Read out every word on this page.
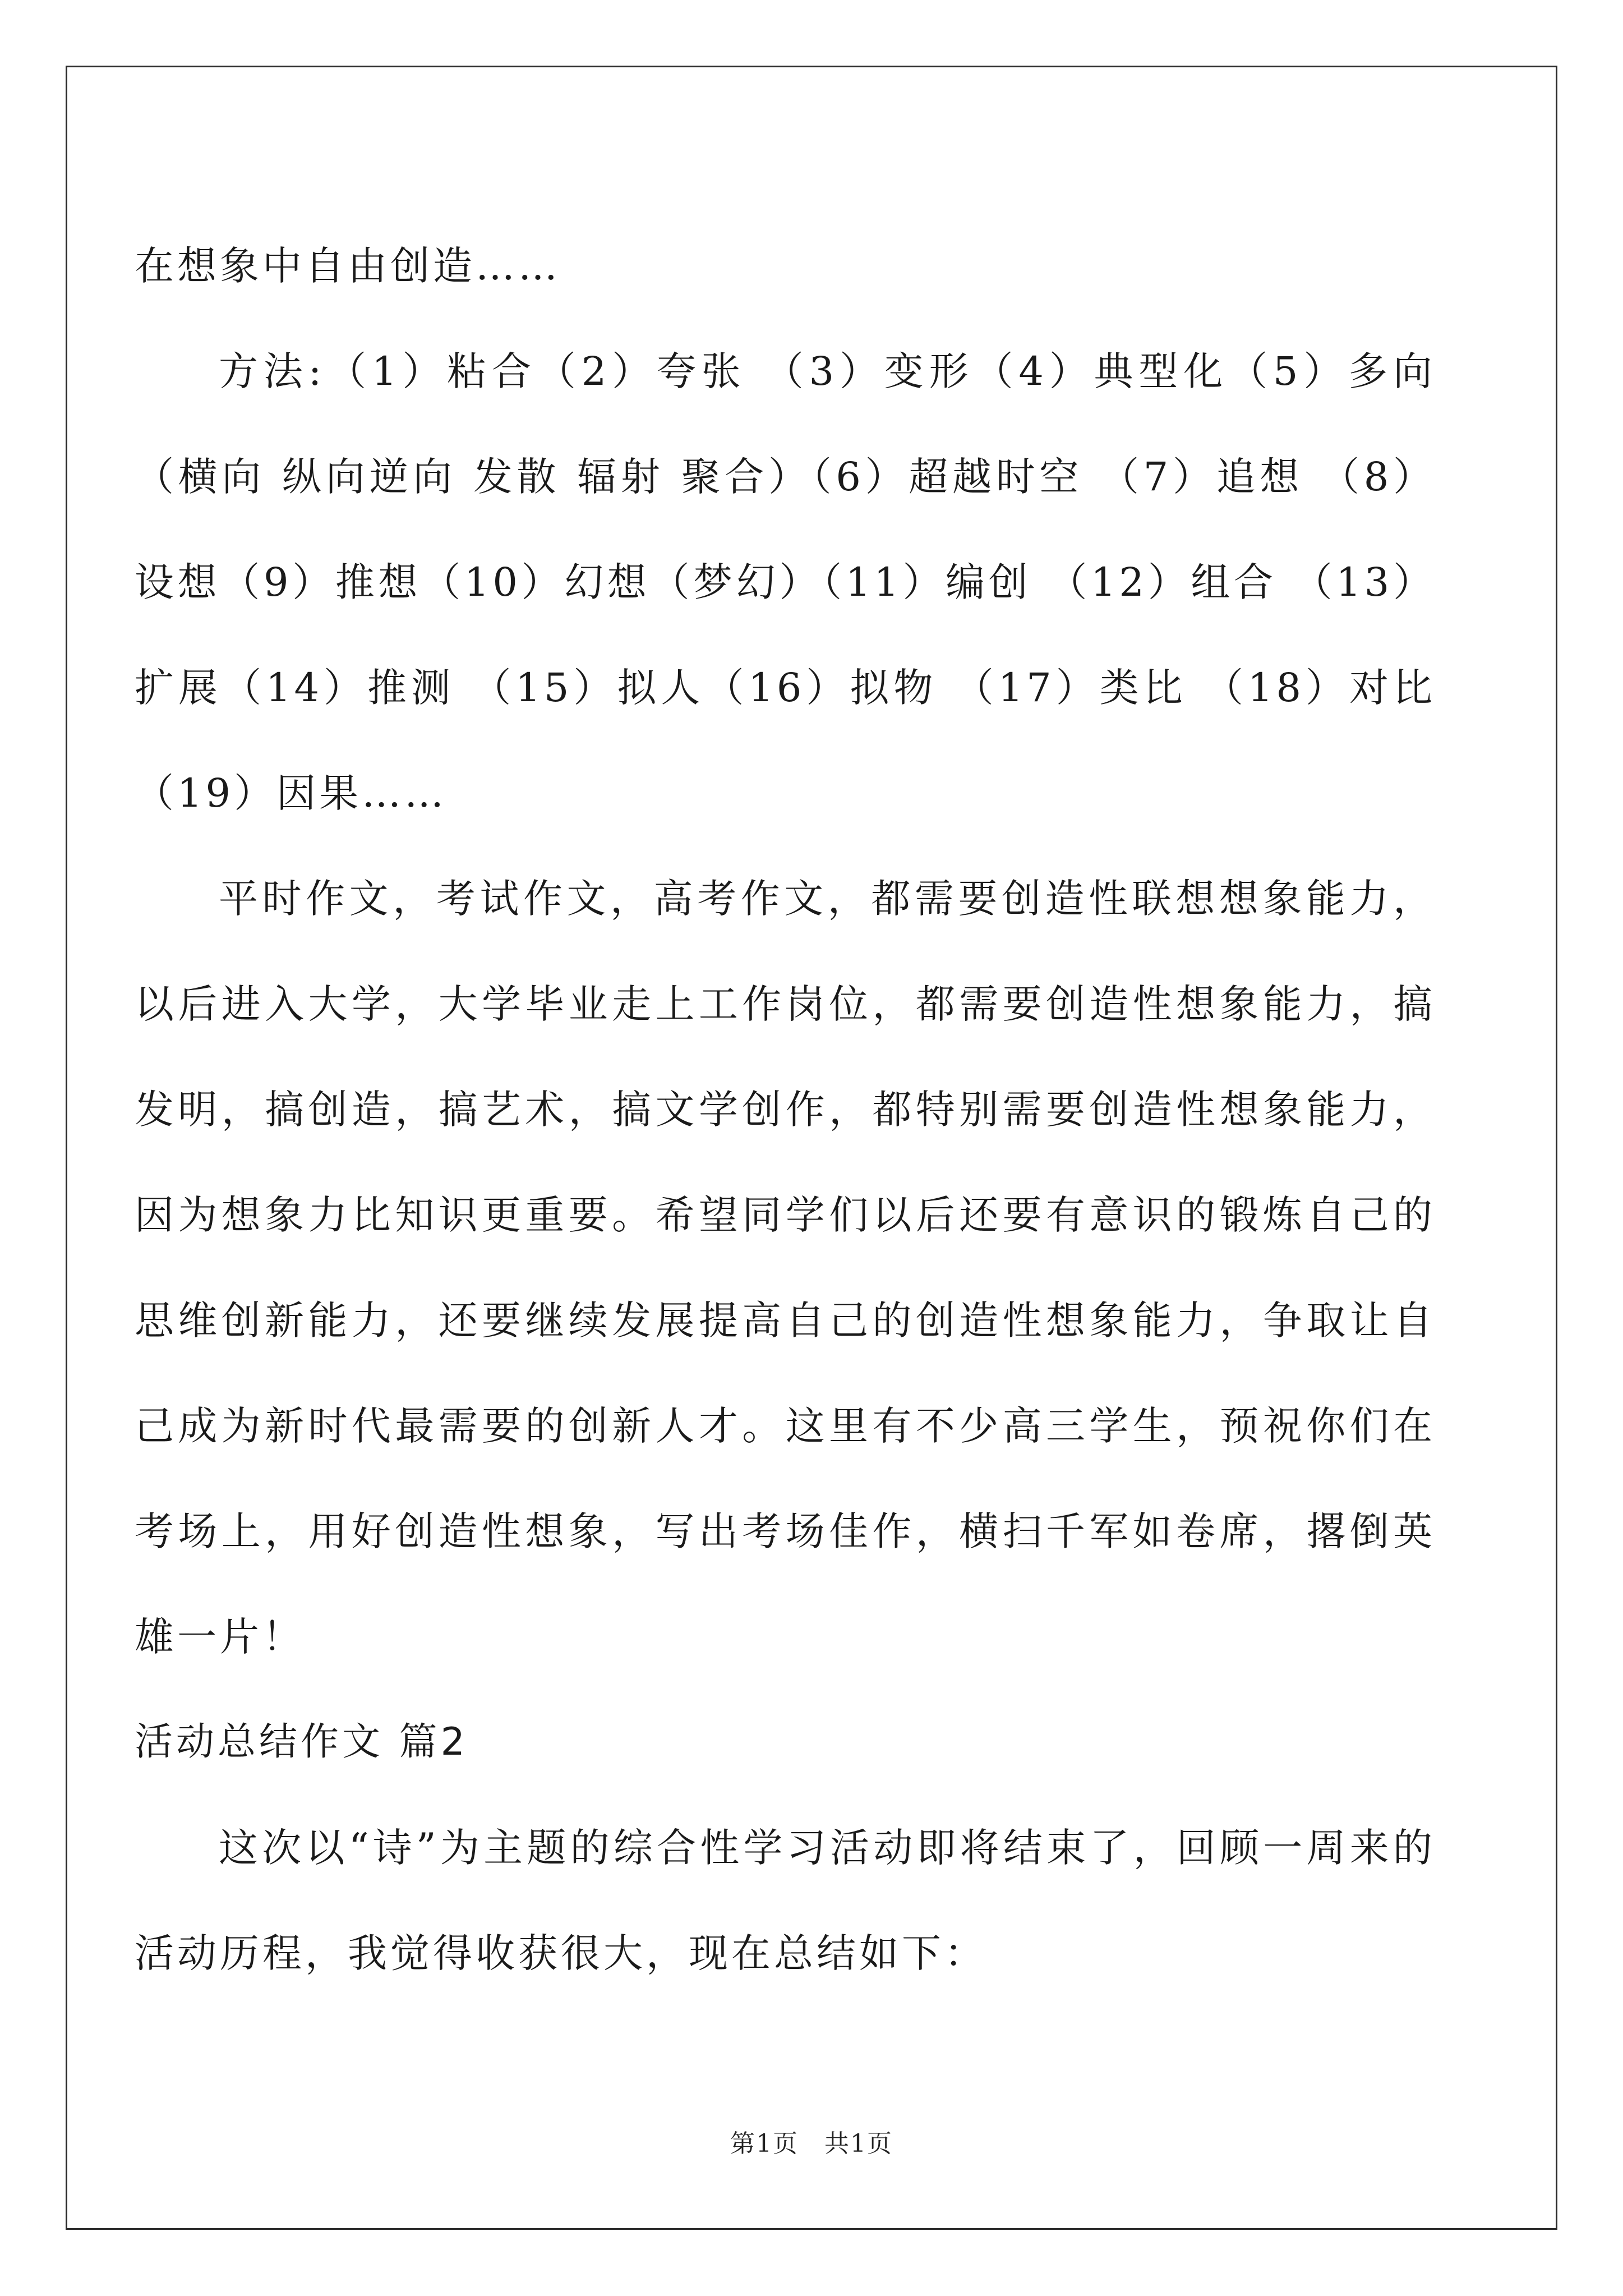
在想象中自由创造……

方法:（1）粘合（2）夸张 （3）变形（4）典型化（5）多向 （横向 纵向逆向 发散 辐射 聚合）（6）超越时空 （7）追想 （8）设想（9）推想（10）幻想（梦幻）（11）编创 （12）组合 （13）扩展（14）推测 （15）拟人（16）拟物 （17）类比 （18）对比（19）因果……

平时作文，考试作文，高考作文，都需要创造性联想想象能力，以后进入大学，大学毕业走上工作岗位，都需要创造性想象能力，搞发明，搞创造，搞艺术，搞文学创作，都特别需要创造性想象能力，因为想象力比知识更重要。希望同学们以后还要有意识的锻炼自己的思维创新能力，还要继续发展提高自己的创造性想象能力，争取让自己成为新时代最需要的创新人才。这里有不少高三学生，预祝你们在考场上，用好创造性想象，写出考场佳作，横扫千军如卷席，撂倒英雄一片！

活动总结作文 篇2

这次以“诗”为主题的综合性学习活动即将结束了，回顾一周来的活动历程，我觉得收获很大，现在总结如下：

第1页　共1页
